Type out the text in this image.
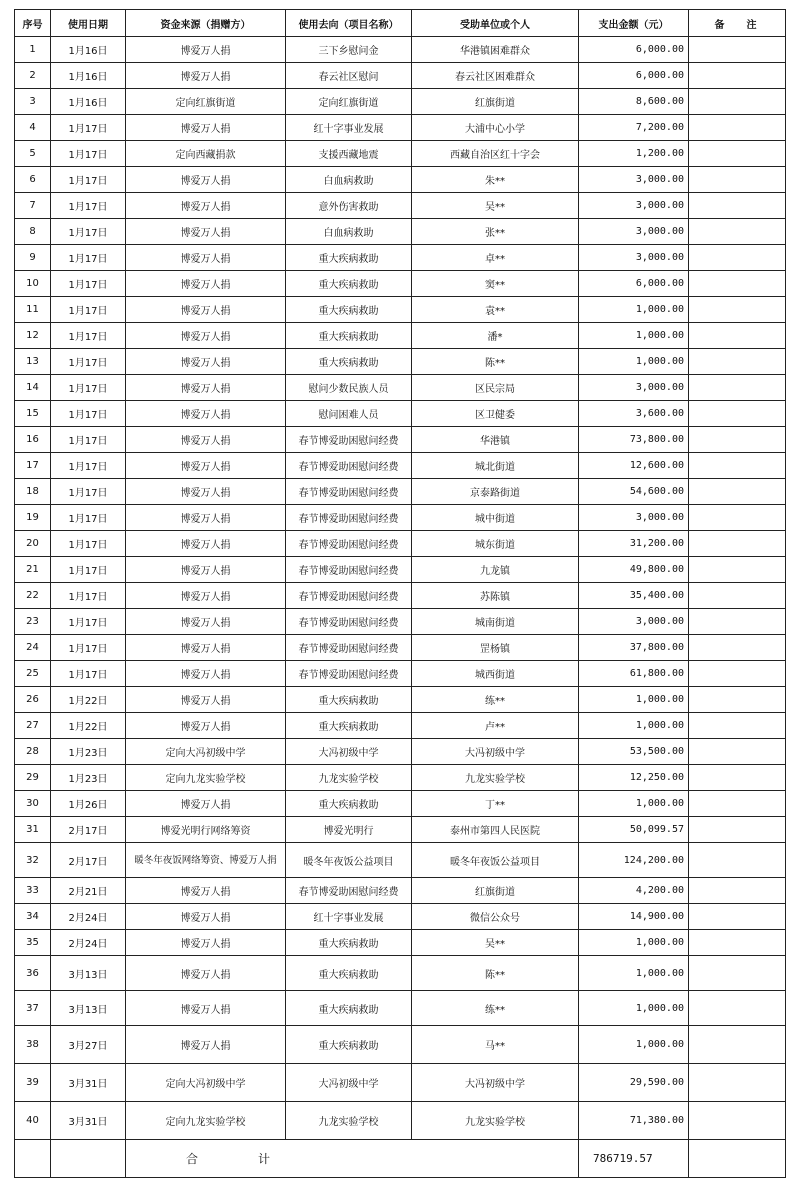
序号	使用日期	资金来源（捐赠方）	使用去向（项目名称）	受助单位或个人	支出金额（元）	备注
1	1月16日	博爱万人捐	三下乡慰问金	华港镇困难群众	6,000.00	
2	1月16日	博爱万人捐	春云社区慰问	春云社区困难群众	6,000.00	
3	1月16日	定向红旗街道	定向红旗街道	红旗街道	8,600.00	
4	1月17日	博爱万人捐	红十字事业发展	大浦中心小学	7,200.00	
5	1月17日	定向西藏捐款	支援西藏地震	西藏自治区红十字会	1,200.00	
6	1月17日	博爱万人捐	白血病救助	朱**	3,000.00	
7	1月17日	博爱万人捐	意外伤害救助	吴**	3,000.00	
8	1月17日	博爱万人捐	白血病救助	张**	3,000.00	
9	1月17日	博爱万人捐	重大疾病救助	卓**	3,000.00	
10	1月17日	博爱万人捐	重大疾病救助	窦**	6,000.00	
11	1月17日	博爱万人捐	重大疾病救助	袁**	1,000.00	
12	1月17日	博爱万人捐	重大疾病救助	潘*	1,000.00	
13	1月17日	博爱万人捐	重大疾病救助	陈**	1,000.00	
14	1月17日	博爱万人捐	慰问少数民族人员	区民宗局	3,000.00	
15	1月17日	博爱万人捐	慰问困难人员	区卫健委	3,600.00	
16	1月17日	博爱万人捐	春节博爱助困慰问经费	华港镇	73,800.00	
17	1月17日	博爱万人捐	春节博爱助困慰问经费	城北街道	12,600.00	
18	1月17日	博爱万人捐	春节博爱助困慰问经费	京泰路街道	54,600.00	
19	1月17日	博爱万人捐	春节博爱助困慰问经费	城中街道	3,000.00	
20	1月17日	博爱万人捐	春节博爱助困慰问经费	城东街道	31,200.00	
21	1月17日	博爱万人捐	春节博爱助困慰问经费	九龙镇	49,800.00	
22	1月17日	博爱万人捐	春节博爱助困慰问经费	苏陈镇	35,400.00	
23	1月17日	博爱万人捐	春节博爱助困慰问经费	城南街道	3,000.00	
24	1月17日	博爱万人捐	春节博爱助困慰问经费	罡杨镇	37,800.00	
25	1月17日	博爱万人捐	春节博爱助困慰问经费	城西街道	61,800.00	
26	1月22日	博爱万人捐	重大疾病救助	练**	1,000.00	
27	1月22日	博爱万人捐	重大疾病救助	卢**	1,000.00	
28	1月23日	定向大冯初级中学	大冯初级中学	大冯初级中学	53,500.00	
29	1月23日	定向九龙实验学校	九龙实验学校	九龙实验学校	12,250.00	
30	1月26日	博爱万人捐	重大疾病救助	丁**	1,000.00	
31	2月17日	博爱光明行网络筹资	博爱光明行	泰州市第四人民医院	50,099.57	
32	2月17日	暖冬年夜饭网络筹资、博爱万人捐	暖冬年夜饭公益项目	暖冬年夜饭公益项目	124,200.00	
33	2月21日	博爱万人捐	春节博爱助困慰问经费	红旗街道	4,200.00	
34	2月24日	博爱万人捐	红十字事业发展	微信公众号	14,900.00	
35	2月24日	博爱万人捐	重大疾病救助	吴**	1,000.00	
36	3月13日	博爱万人捐	重大疾病救助	陈**	1,000.00	
37	3月13日	博爱万人捐	重大疾病救助	练**	1,000.00	
38	3月27日	博爱万人捐	重大疾病救助	马**	1,000.00	
39	3月31日	定向大冯初级中学	大冯初级中学	大冯初级中学	29,590.00	
40	3月31日	定向九龙实验学校	九龙实验学校	九龙实验学校	71,380.00	
		合计			786719.57	
